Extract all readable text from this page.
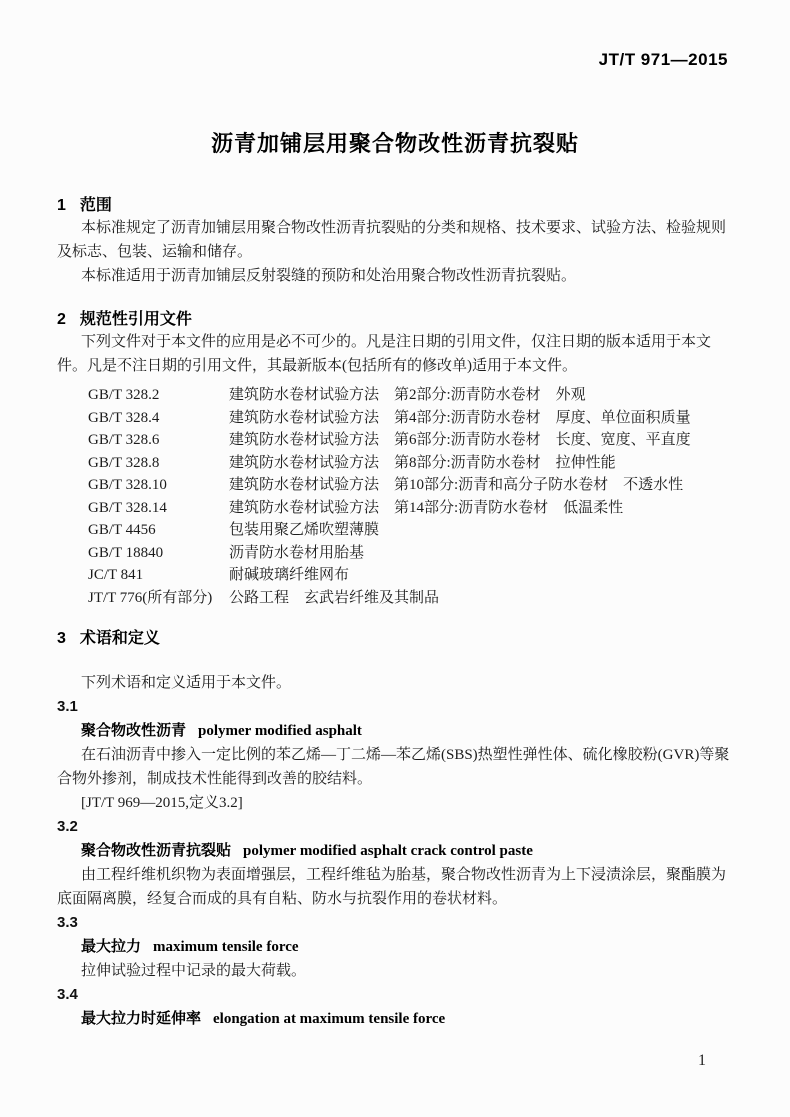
JT/T 971—2015
沥青加铺层用聚合物改性沥青抗裂贴
1 范围

本标准规定了沥青加铺层用聚合物改性沥青抗裂贴的分类和规格、技术要求、试验方法、检验规则及标志、包装、运输和储存。

本标准适用于沥青加铺层反射裂缝的预防和处治用聚合物改性沥青抗裂贴。

2 规范性引用文件

下列文件对于本文件的应用是必不可少的。凡是注日期的引用文件，仅注日期的版本适用于本文件。凡是不注日期的引用文件，其最新版本(包括所有的修改单)适用于本文件。

GB/T 328.2	建筑防水卷材试验方法　第2部分:沥青防水卷材　外观
GB/T 328.4	建筑防水卷材试验方法　第4部分:沥青防水卷材　厚度、单位面积质量
GB/T 328.6	建筑防水卷材试验方法　第6部分:沥青防水卷材　长度、宽度、平直度
GB/T 328.8	建筑防水卷材试验方法　第8部分:沥青防水卷材　拉伸性能
GB/T 328.10	建筑防水卷材试验方法　第10部分:沥青和高分子防水卷材　不透水性
GB/T 328.14	建筑防水卷材试验方法　第14部分:沥青防水卷材　低温柔性
GB/T 4456	包装用聚乙烯吹塑薄膜
GB/T 18840	沥青防水卷材用胎基
JC/T 841	耐碱玻璃纤维网布
JT/T 776(所有部分) 公路工程　玄武岩纤维及其制品
3 术语和定义

下列术语和定义适用于本文件。

3.1
聚合物改性沥青 polymer modified asphalt

在石油沥青中掺入一定比例的苯乙烯—丁二烯—苯乙烯(SBS)热塑性弹性体、硫化橡胶粉(GVR)等聚合物外掺剂，制成技术性能得到改善的胶结料。

[JT/T 969—2015,定义3.2]

3.2
聚合物改性沥青抗裂贴 polymer modified asphalt crack control paste

由工程纤维机织物为表面增强层，工程纤维毡为胎基，聚合物改性沥青为上下浸渍涂层，聚酯膜为底面隔离膜，经复合而成的具有自粘、防水与抗裂作用的卷状材料。

3.3
最大拉力 maximum tensile force

拉伸试验过程中记录的最大荷载。

3.4
最大拉力时延伸率 elongation at maximum tensile force
1
